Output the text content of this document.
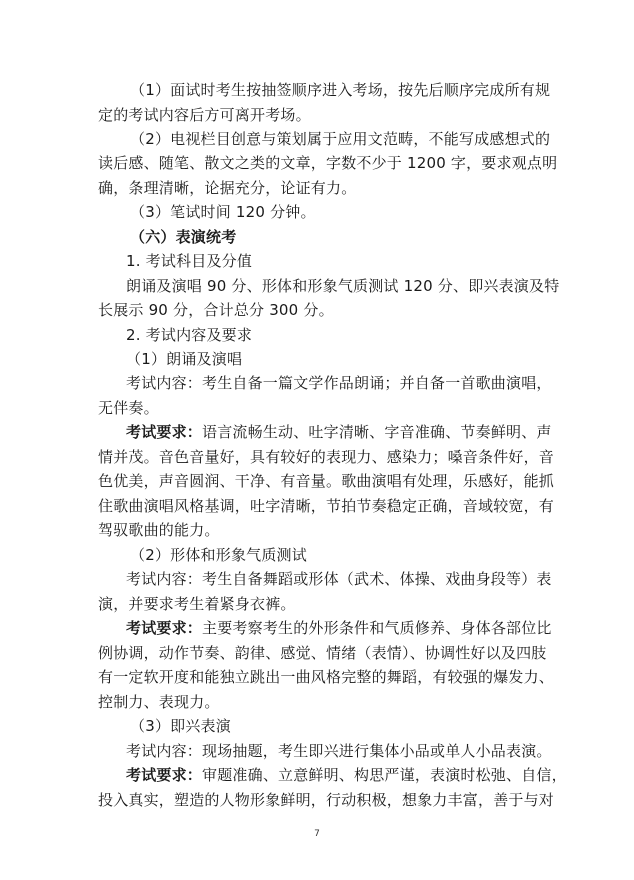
（1）面试时考生按抽签顺序进入考场，按先后顺序完成所有规
定的考试内容后方可离开考场。
（2）电视栏目创意与策划属于应用文范畴，不能写成感想式的
读后感、随笔、散文之类的文章，字数不少于 1200 字，要求观点明
确，条理清晰，论据充分，论证有力。
（3）笔试时间 120 分钟。
（六）表演统考
1. 考试科目及分值
朗诵及演唱 90 分、形体和形象气质测试 120 分、即兴表演及特
长展示 90 分，合计总分 300 分。
2. 考试内容及要求
（1）朗诵及演唱
考试内容：考生自备一篇文学作品朗诵；并自备一首歌曲演唱，
无伴奏。
考试要求：语言流畅生动、吐字清晰、字音准确、节奏鲜明、声
情并茂。音色音量好，具有较好的表现力、感染力；嗓音条件好，音
色优美，声音圆润、干净、有音量。歌曲演唱有处理，乐感好，能抓
住歌曲演唱风格基调，吐字清晰，节拍节奏稳定正确，音域较宽，有
驾驭歌曲的能力。
（2）形体和形象气质测试
考试内容：考生自备舞蹈或形体（武术、体操、戏曲身段等）表
演，并要求考生着紧身衣裤。
考试要求：主要考察考生的外形条件和气质修养、身体各部位比
例协调，动作节奏、韵律、感觉、情绪（表情）、协调性好以及四肢
有一定软开度和能独立跳出一曲风格完整的舞蹈，有较强的爆发力、
控制力、表现力。
（3）即兴表演
考试内容：现场抽题，考生即兴进行集体小品或单人小品表演。
考试要求：审题准确、立意鲜明、构思严谨，表演时松弛、自信，
投入真实，塑造的人物形象鲜明，行动积极，想象力丰富，善于与对
7
